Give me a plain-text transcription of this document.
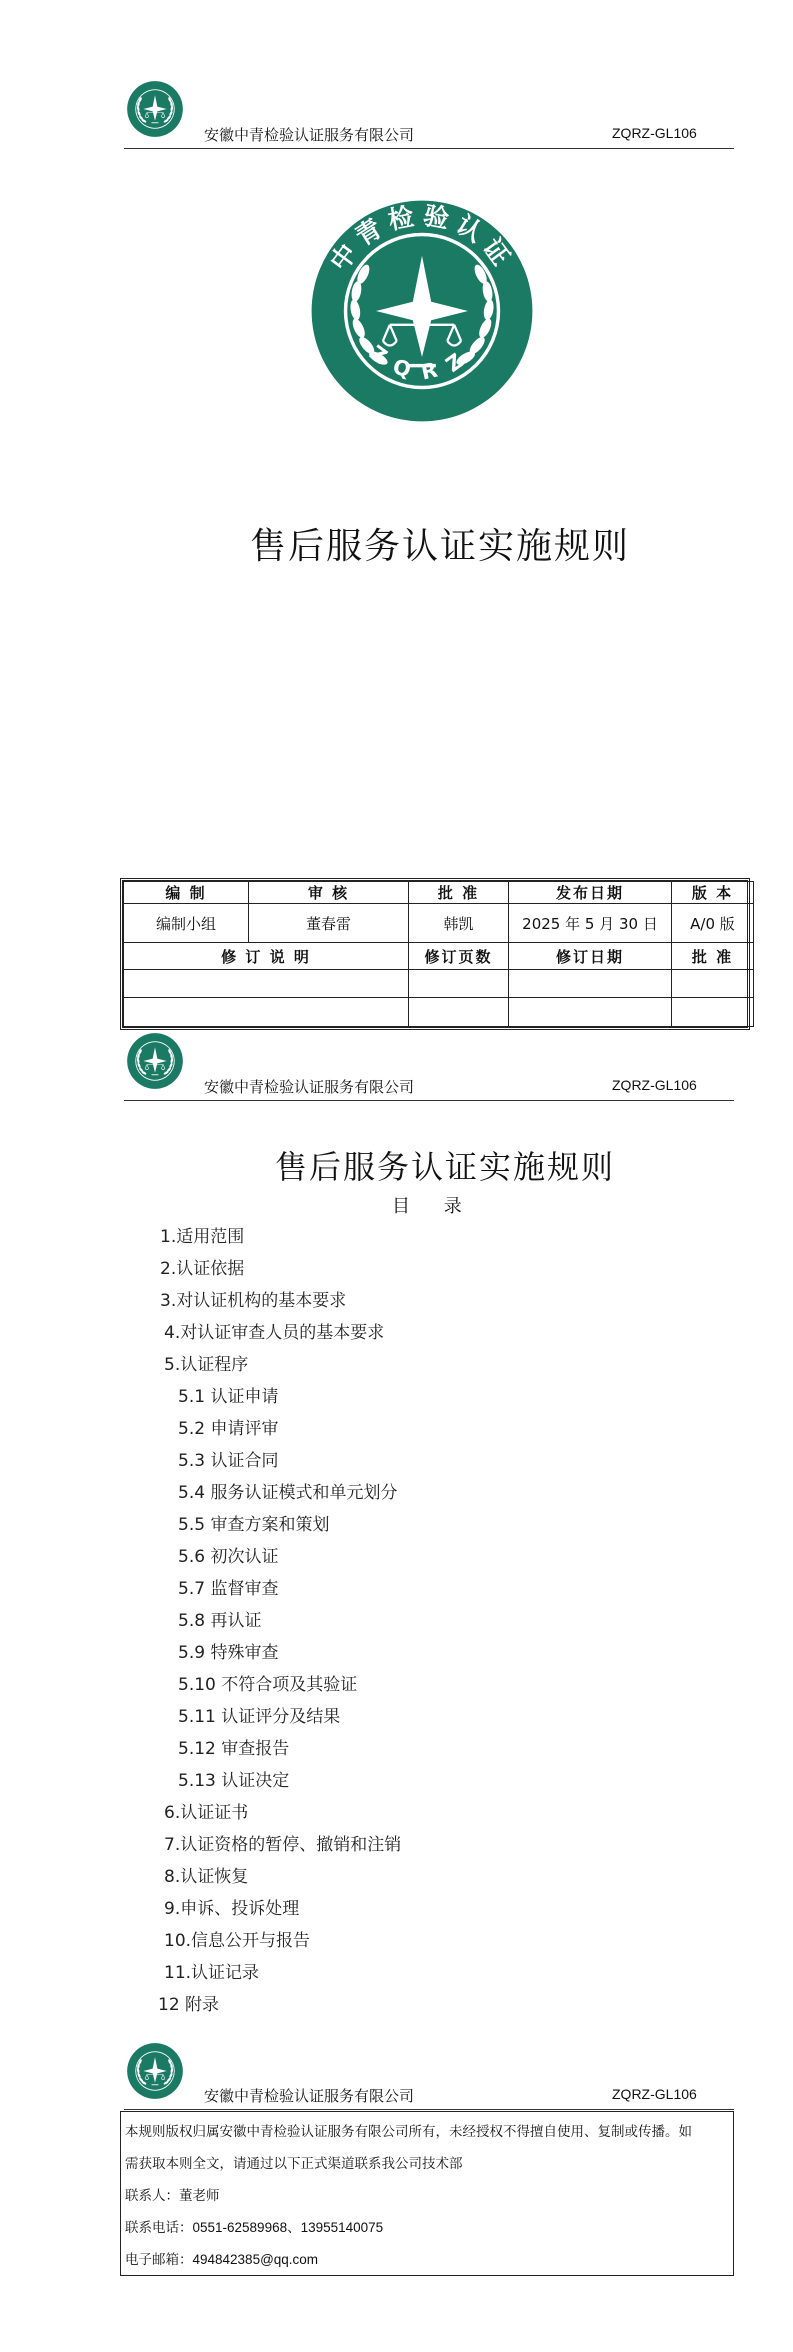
安徽中青检验认证服务有限公司	ZQRZ-GL106
中青检验认证
ZQRZ
售后服务认证实施规则
编 制	审 核	批 准	发布日期	版 本
编制小组	董春雷	韩凯	2025 年 5 月 30 日	A/0 版
修 订 说 明		修订页数	修订日期	批 准

安徽中青检验认证服务有限公司	ZQRZ-GL106
售后服务认证实施规则
目 录
1.适用范围
2.认证依据
3.对认证机构的基本要求
4.对认证审查人员的基本要求
5.认证程序
5.1 认证申请
5.2 申请评审
5.3 认证合同
5.4 服务认证模式和单元划分
5.5 审查方案和策划
5.6 初次认证
5.7 监督审查
5.8 再认证
5.9 特殊审查
5.10 不符合项及其验证
5.11 认证评分及结果
5.12 审查报告
5.13 认证决定
6.认证证书
7.认证资格的暂停、撤销和注销
8.认证恢复
9.申诉、投诉处理
10.信息公开与报告
11.认证记录
12 附录
安徽中青检验认证服务有限公司	ZQRZ-GL106
本规则版权归属安徽中青检验认证服务有限公司所有，未经授权不得擅自使用、复制或传播。如
需获取本则全文，请通过以下正式渠道联系我公司技术部
联系人：董老师
联系电话：0551-62589968、13955140075
电子邮箱：494842385@qq.com
